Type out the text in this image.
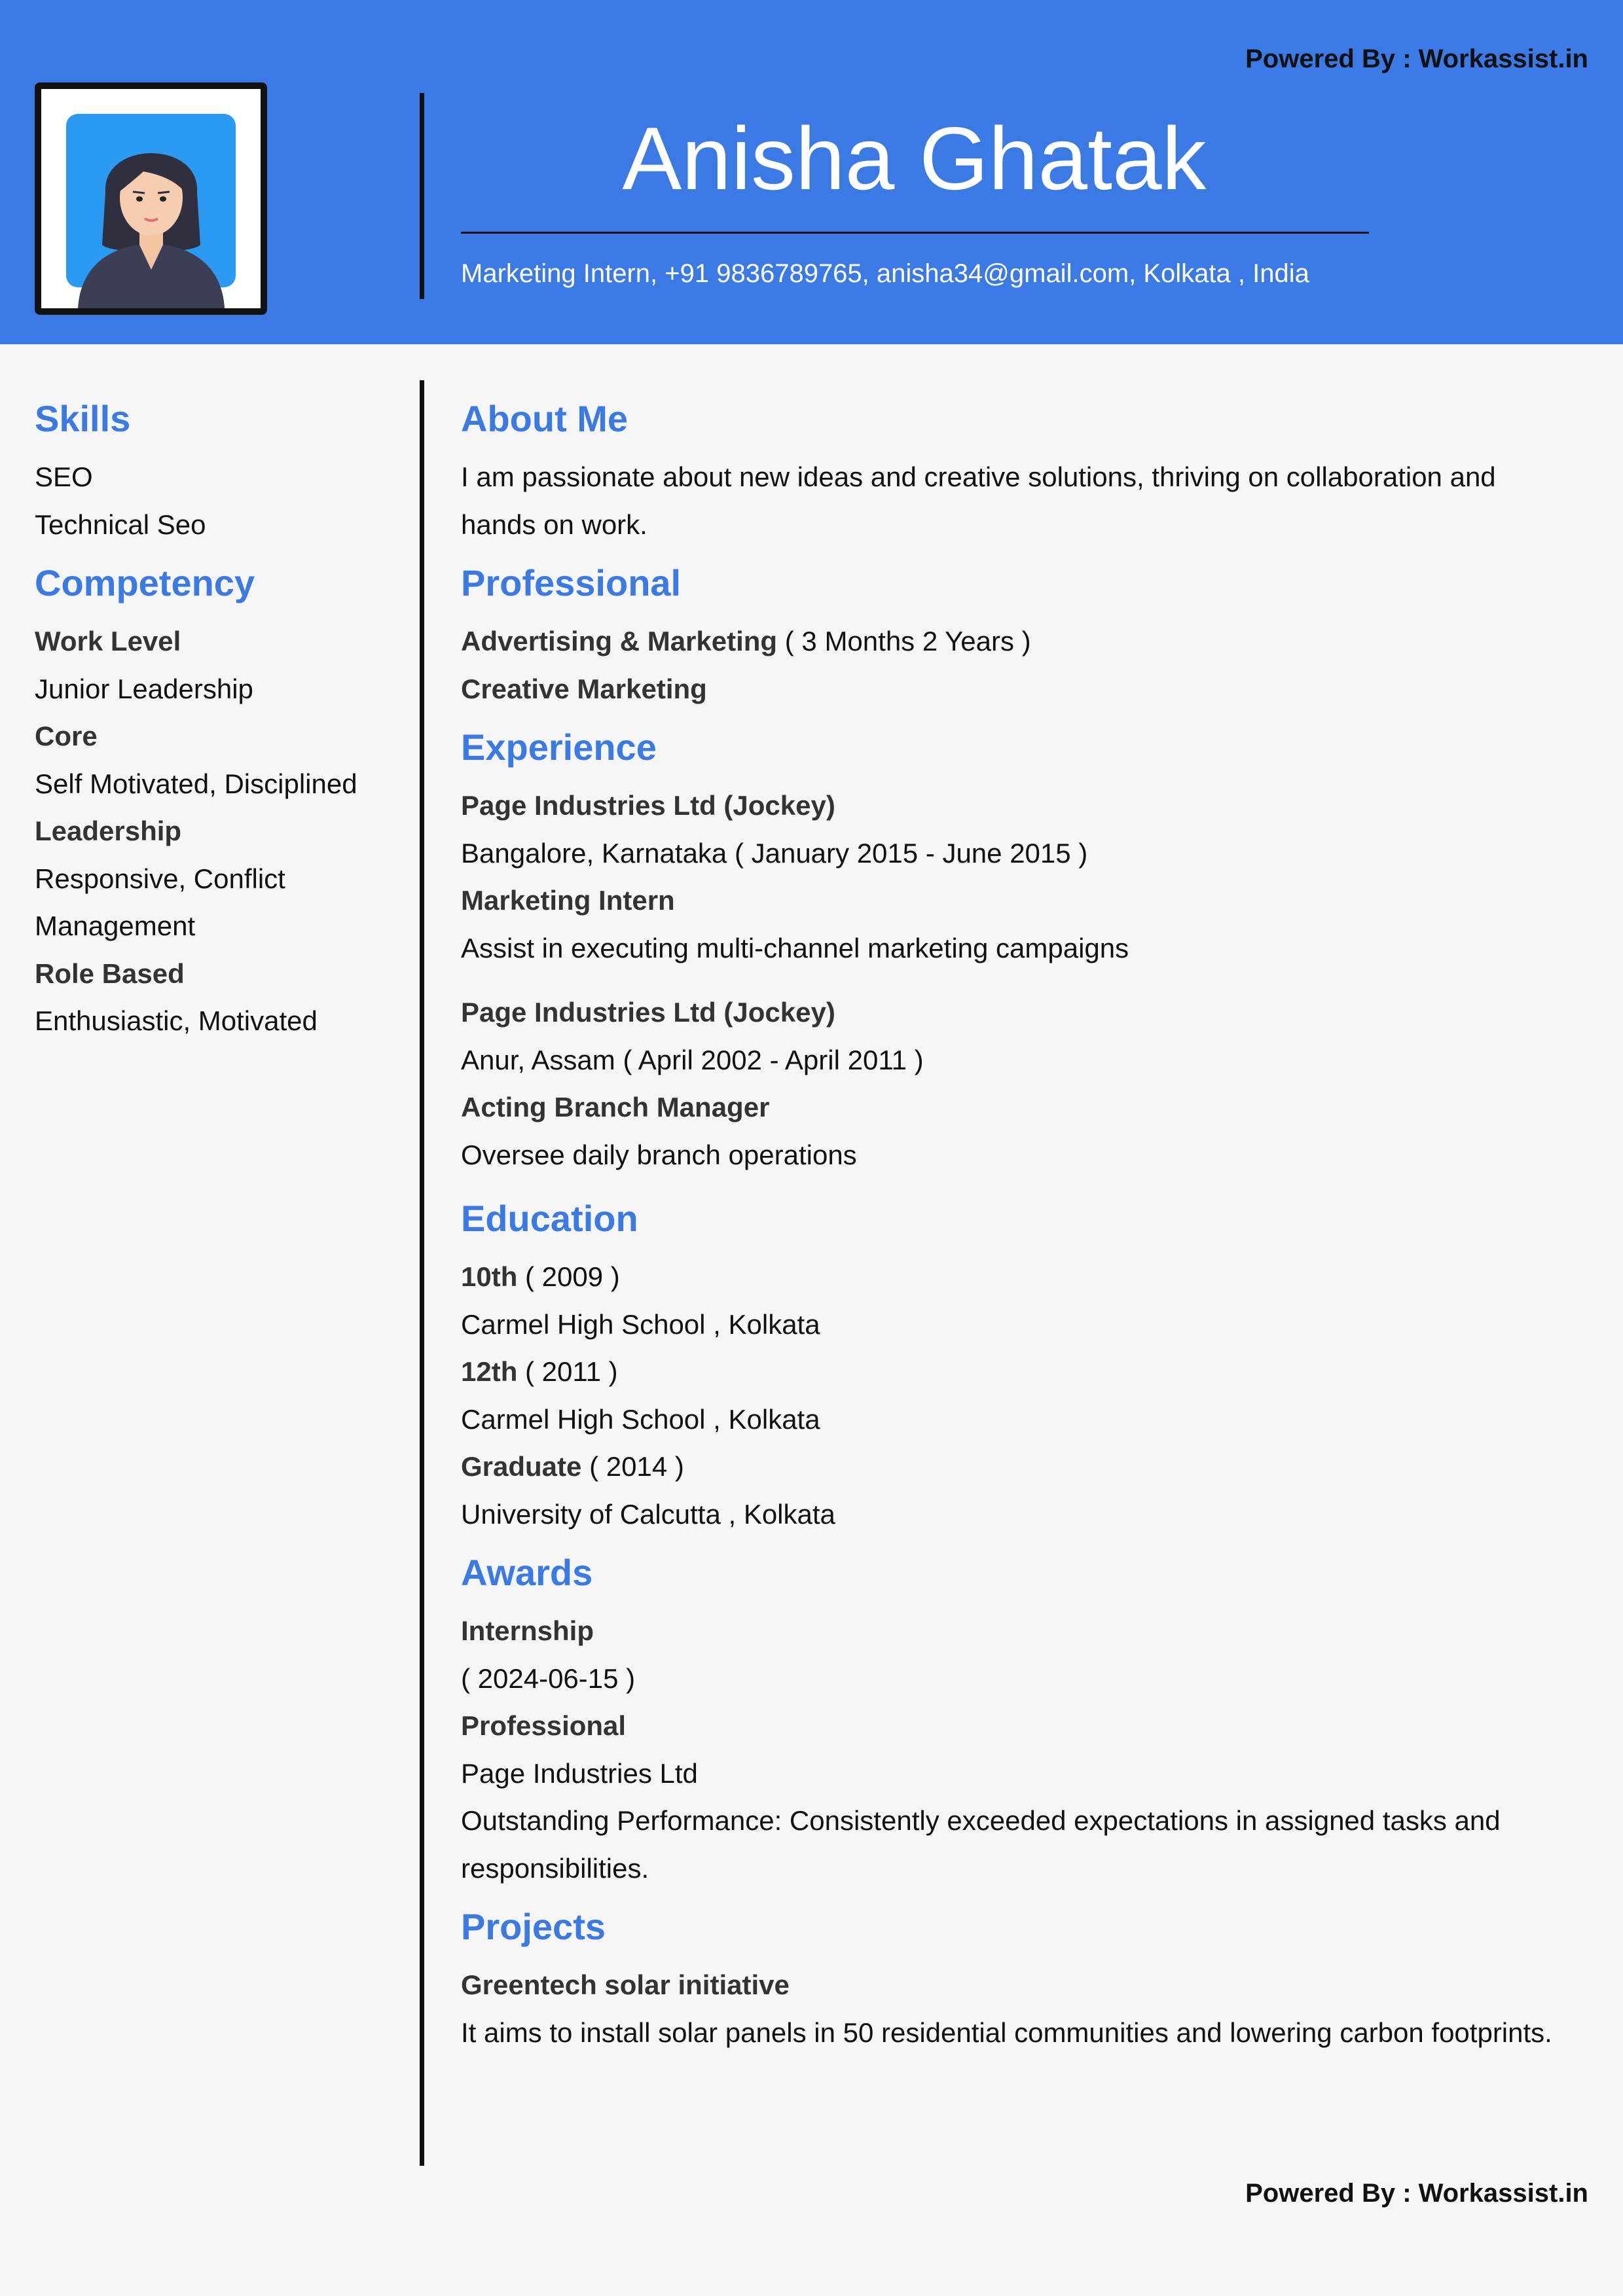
Powered By : Workassist.in
Anisha Ghatak
Marketing Intern, +91 9836789765, anisha34@gmail.com, Kolkata , India
Skills
SEO
Technical Seo
Competency
Work Level
Junior Leadership
Core
Self Motivated, Disciplined
Leadership
Responsive, Conflict
Management
Role Based
Enthusiastic, Motivated
About Me
I am passionate about new ideas and creative solutions, thriving on collaboration and
hands on work.
Professional
Advertising & Marketing ( 3 Months 2 Years )
Creative Marketing
Experience
Page Industries Ltd (Jockey)
Bangalore, Karnataka ( January 2015 - June 2015 )
Marketing Intern
Assist in executing multi-channel marketing campaigns
Page Industries Ltd (Jockey)
Anur, Assam ( April 2002 - April 2011 )
Acting Branch Manager
Oversee daily branch operations
Education
10th ( 2009 )
Carmel High School , Kolkata
12th ( 2011 )
Carmel High School , Kolkata
Graduate ( 2014 )
University of Calcutta , Kolkata
Awards
Internship
( 2024-06-15 )
Professional
Page Industries Ltd
Outstanding Performance: Consistently exceeded expectations in assigned tasks and
responsibilities.
Projects
Greentech solar initiative
It aims to install solar panels in 50 residential communities and lowering carbon footprints.
Powered By : Workassist.in
